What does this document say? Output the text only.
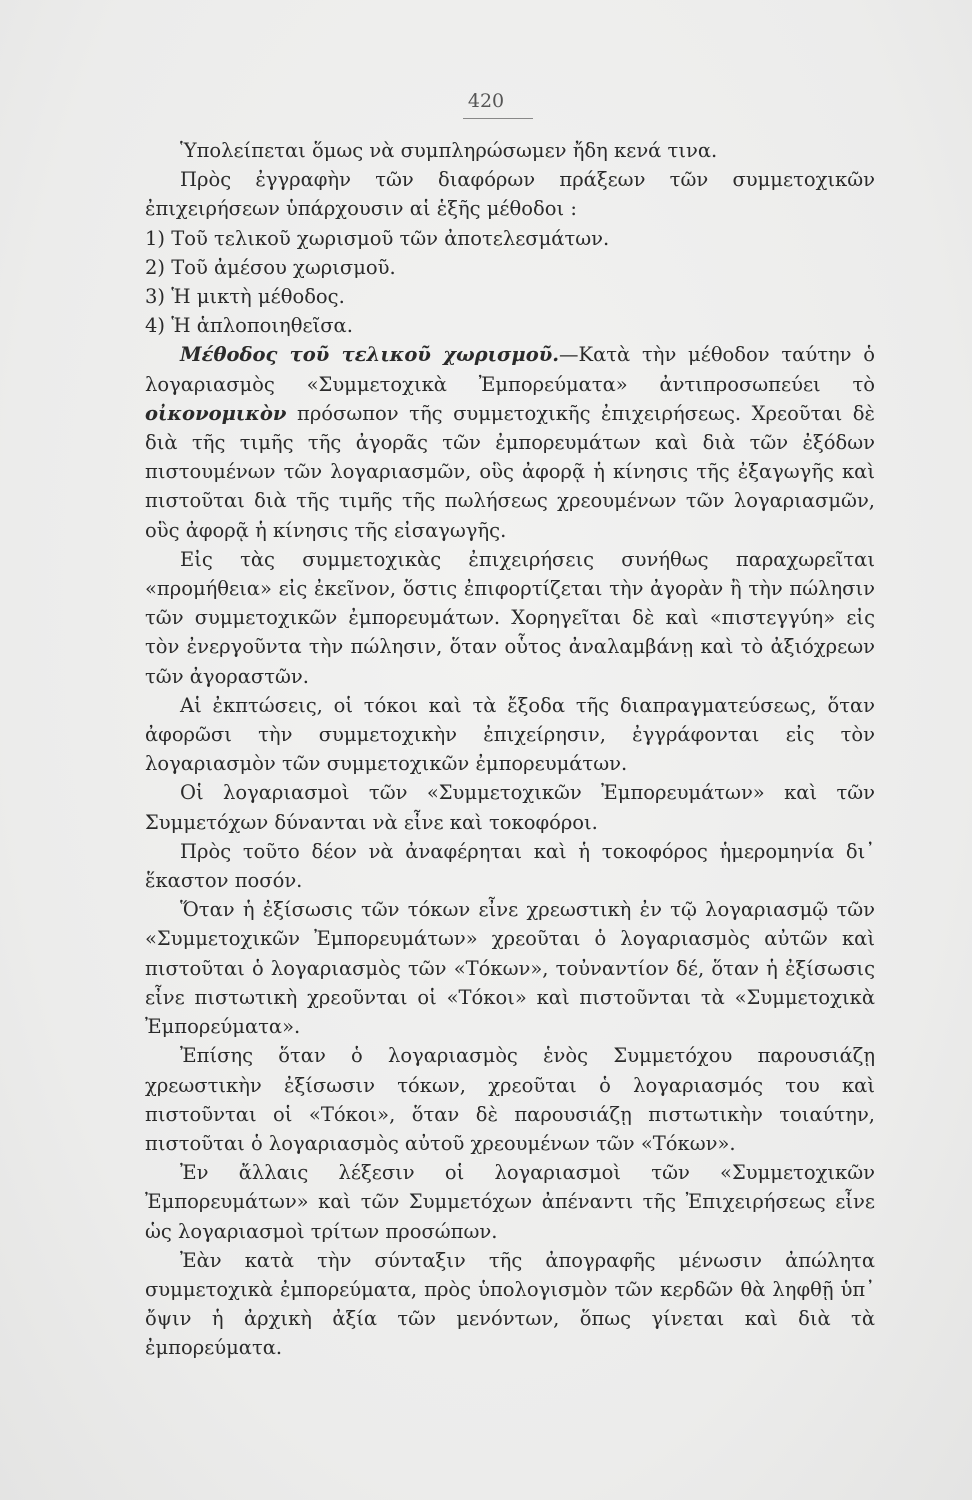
420

Ὑπολείπεται ὅμως νὰ συμπληρώσωμεν ἤδη κενά τινα.

Πρὸς ἐγγραφὴν τῶν διαφόρων πράξεων τῶν συμμετοχικῶν ἐπιχειρήσεων ὑπάρχουσιν αἱ ἑξῆς μέθοδοι :

1) Τοῦ τελικοῦ χωρισμοῦ τῶν ἀποτελεσμάτων.

2) Τοῦ ἀμέσου χωρισμοῦ.

3) Ἡ μικτὴ μέθοδος.

4) Ἡ ἁπλοποιηθεῖσα.

Μέθοδος τοῦ τελικοῦ χωρισμοῦ.—Κατὰ τὴν μέθοδον ταύτην ὁ λογαριασμὸς «Συμμετοχικὰ Ἐμπορεύματα» ἀντιπροσωπεύει τὸ οἰκονομικὸν πρόσωπον τῆς συμμετοχικῆς ἐπιχειρήσεως. Χρεοῦται δὲ διὰ τῆς τιμῆς τῆς ἀγορᾶς τῶν ἐμπορευμάτων καὶ διὰ τῶν ἐξόδων πιστουμένων τῶν λογαριασμῶν, οὓς ἀφορᾷ ἡ κίνησις τῆς ἐξαγωγῆς καὶ πιστοῦται διὰ τῆς τιμῆς τῆς πωλήσεως χρεουμένων τῶν λογαριασμῶν, οὓς ἀφορᾷ ἡ κίνησις τῆς εἰσαγωγῆς.

Εἰς τὰς συμμετοχικὰς ἐπιχειρήσεις συνήθως παραχωρεῖται «προμήθεια» εἰς ἐκεῖνον, ὅστις ἐπιφορτίζεται τὴν ἀγορὰν ἢ τὴν πώλησιν τῶν συμμετοχικῶν ἐμπορευμάτων. Χορηγεῖται δὲ καὶ «πιστεγγύη» εἰς τὸν ἐνεργοῦντα τὴν πώλησιν, ὅταν οὗτος ἀναλαμβάνῃ καὶ τὸ ἀξιόχρεων τῶν ἀγοραστῶν.

Αἱ ἐκπτώσεις, οἱ τόκοι καὶ τὰ ἔξοδα τῆς διαπραγματεύσεως, ὅταν ἀφορῶσι τὴν συμμετοχικὴν ἐπιχείρησιν, ἐγγράφονται εἰς τὸν λογαριασμὸν τῶν συμμετοχικῶν ἐμπορευμάτων.

Οἱ λογαριασμοὶ τῶν «Συμμετοχικῶν Ἐμπορευμάτων» καὶ τῶν Συμμετόχων δύνανται νὰ εἶνε καὶ τοκοφόροι.

Πρὸς τοῦτο δέον νὰ ἀναφέρηται καὶ ἡ τοκοφόρος ἡμερομηνία δι᾽ ἕκαστον ποσόν.

Ὅταν ἡ ἐξίσωσις τῶν τόκων εἶνε χρεωστικὴ ἐν τῷ λογαριασμῷ τῶν «Συμμετοχικῶν Ἐμπορευμάτων» χρεοῦται ὁ λογαριασμὸς αὐτῶν καὶ πιστοῦται ὁ λογαριασμὸς τῶν «Τόκων», τοὐναντίον δέ, ὅταν ἡ ἐξίσωσις εἶνε πιστωτικὴ χρεοῦνται οἱ «Τόκοι» καὶ πιστοῦνται τὰ «Συμμετοχικὰ Ἐμπορεύματα».

Ἐπίσης ὅταν ὁ λογαριασμὸς ἑνὸς Συμμετόχου παρουσιάζῃ χρεωστικὴν ἐξίσωσιν τόκων, χρεοῦται ὁ λογαριασμός του καὶ πιστοῦνται οἱ «Τόκοι», ὅταν δὲ παρουσιάζῃ πιστωτικὴν τοιαύτην, πιστοῦται ὁ λογαριασμὸς αὐτοῦ χρεουμένων τῶν «Τόκων».

Ἐν ἄλλαις λέξεσιν οἱ λογαριασμοὶ τῶν «Συμμετοχικῶν Ἐμπορευμάτων» καὶ τῶν Συμμετόχων ἀπέναντι τῆς Ἐπιχειρήσεως εἶνε ὡς λογαριασμοὶ τρίτων προσώπων.

Ἐὰν κατὰ τὴν σύνταξιν τῆς ἀπογραφῆς μένωσιν ἀπώλητα συμμετοχικὰ ἐμπορεύματα, πρὸς ὑπολογισμὸν τῶν κερδῶν θὰ ληφθῇ ὑπ᾽ ὄψιν ἡ ἀρχικὴ ἀξία τῶν μενόντων, ὅπως γίνεται καὶ διὰ τὰ ἐμπορεύματα.
